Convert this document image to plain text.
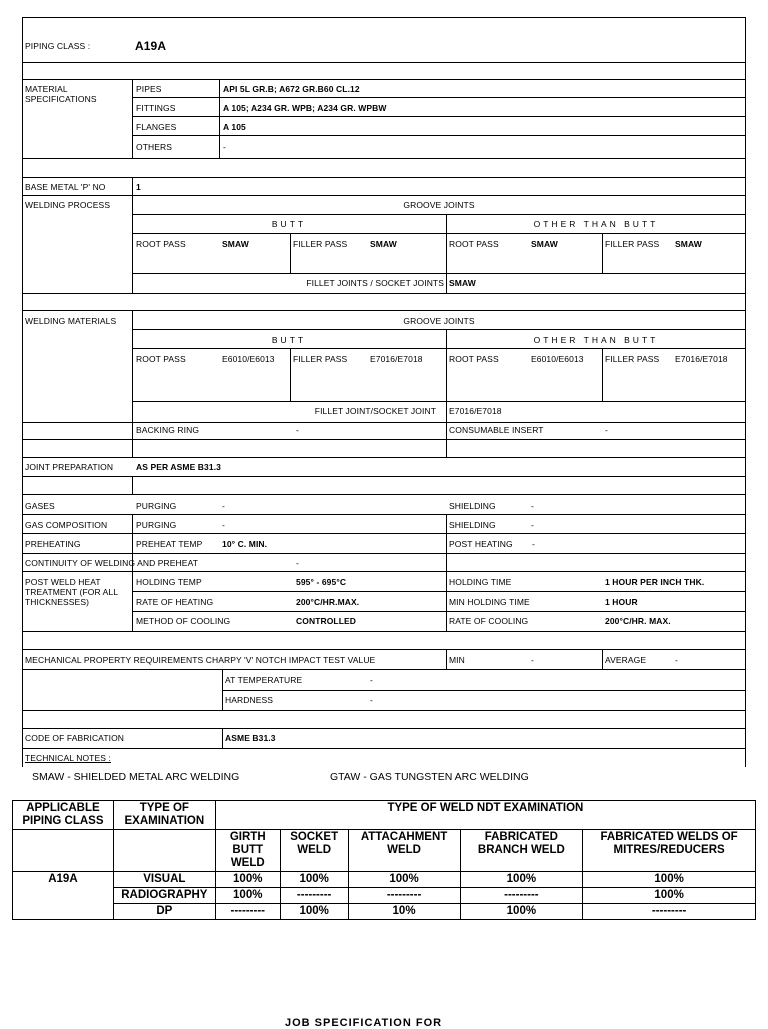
PIPING CLASS :	A19A
MATERIAL SPECIFICATIONS
PIPES	API 5L GR.B; A672 GR.B60 CL.12
FITTINGS	A 105; A234 GR. WPB; A234 GR. WPBW
FLANGES	A 105
OTHERS	-
BASE METAL 'P' NO	1
WELDING PROCESS	GROOVE JOINTS
BUTT	OTHER THAN BUTT
ROOT PASS	SMAW	FILLER PASS	SMAW	ROOT PASS	SMAW	FILLER PASS SMAW
FILLET JOINTS / SOCKET JOINTS SMAW
WELDING MATERIALS	GROOVE JOINTS
BUTT	OTHER THAN BUTT
ROOT PASS	E6010/E6013 FILLER PASS	E7016/E7018	ROOT PASS	E6010/E6013	FILLER PASS E7016/E7018
FILLET JOINT/SOCKET JOINT E7016/E7018
BACKING RING	-	CONSUMABLE INSERT	-
JOINT PREPARATION	AS PER ASME B31.3
GASES	PURGING	-	SHIELDING	-
GAS COMPOSITION	PURGING	-	SHIELDING	-
PREHEATING	PREHEAT TEMP 10° C. MIN.	POST HEATING -
CONTINUITY OF WELDING AND PREHEAT	-
POST WELD HEAT TREATMENT (FOR ALL THICKNESSES)
HOLDING TEMP	595° - 695°C	HOLDING TIME	1 HOUR PER INCH THK.
RATE OF HEATING	200°C/HR.MAX.	MIN HOLDING TIME	1 HOUR
METHOD OF COOLING	CONTROLLED	RATE OF COOLING	200°C/HR. MAX.
MECHANICAL PROPERTY REQUIREMENTS CHARPY 'V' NOTCH IMPACT TEST VALUE	MIN	-	AVERAGE	-
AT TEMPERATURE	-
HARDNESS	-
CODE OF FABRICATION	ASME B31.3
TECHNICAL NOTES :
SMAW - SHIELDED METAL ARC WELDING	GTAW - GAS TUNGSTEN ARC WELDING
APPLICABLE PIPING CLASS	TYPE OF EXAMINATION	TYPE OF WELD NDT EXAMINATION				
		GIRTH BUTT WELD	SOCKET WELD	ATTACAHMENT WELD	FABRICATED BRANCH WELD	FABRICATED WELDS OF MITRES/REDUCERS
A19A	VISUAL	100%	100%	100%	100%	100%
	RADIOGRAPHY	100%	---------	---------	---------	100%
	DP	---------	100%	10%	100%	---------
JOB SPECIFICATION FOR
